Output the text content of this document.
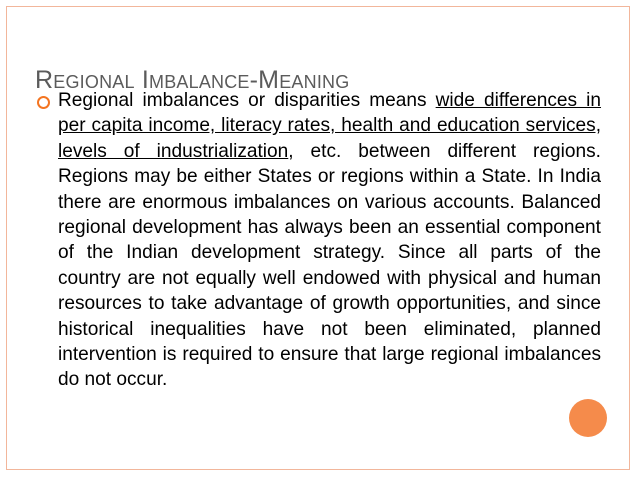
REGIONAL IMBALANCE-MEANING

Regional imbalances or disparities means wide differences in per capita income, literacy rates, health and education services, levels of industrialization, etc. between different regions. Regions may be either States or regions within a State. In India there are enormous imbalances on various accounts. Balanced regional development has always been an essential component of the Indian development strategy. Since all parts of the country are not equally well endowed with physical and human resources to take advantage of growth opportunities, and since historical inequalities have not been eliminated, planned intervention is required to ensure that large regional imbalances do not occur.
